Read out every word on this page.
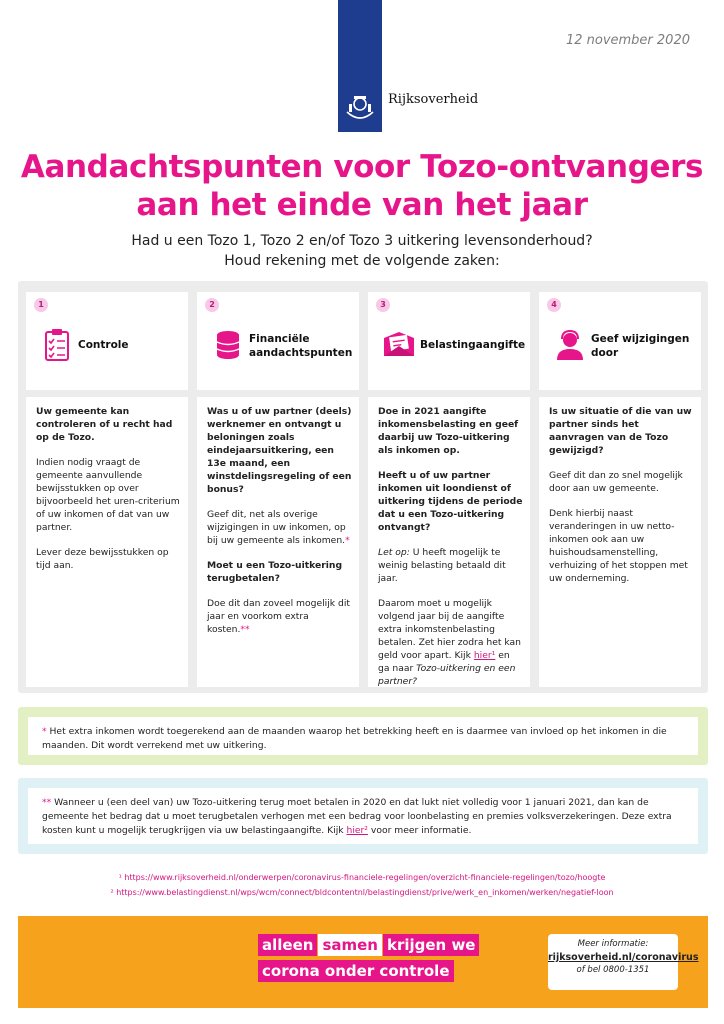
Rijksoverheid
12 november 2020
Aandachtspunten voor Tozo-ontvangers
aan het einde van het jaar
Had u een Tozo 1, Tozo 2 en/of Tozo 3 uitkering levensonderhoud?
Houd rekening met de volgende zaken:
1
Controle

Uw gemeente kan controleren of u recht had op de Tozo.

Indien nodig vraagt de gemeente aanvullende bewijsstukken op over bijvoorbeeld het uren-criterium of uw inkomen of dat van uw partner.

Lever deze bewijsstukken op tijd aan.

2
Financiële aandachtspunten

Was u of uw partner (deels) werknemer en ontvangt u beloningen zoals eindejaarsuitkering, een 13e maand, een winstdelingsregeling of een bonus?

Geef dit, net als overige wijzigingen in uw inkomen, op bij uw gemeente als inkomen.*

Moet u een Tozo-uitkering terugbetalen?

Doe dit dan zoveel mogelijk dit jaar en voorkom extra kosten.**

3
Belastingaangifte

Doe in 2021 aangifte inkomensbelasting en geef daarbij uw Tozo-uitkering als inkomen op.

Heeft u of uw partner inkomen uit loondienst of uitkering tijdens de periode dat u een Tozo-uitkering ontvangt?

Let op: U heeft mogelijk te weinig belasting betaald dit jaar.

Daarom moet u mogelijk volgend jaar bij de aangifte extra inkomstenbelasting betalen. Zet hier zodra het kan geld voor apart. Kijk hier¹ en ga naar Tozo-uitkering en een partner?

4
Geef wijzigingen door

Is uw situatie of die van uw partner sinds het aanvragen van de Tozo gewijzigd?

Geef dit dan zo snel mogelijk door aan uw gemeente.

Denk hierbij naast veranderingen in uw netto-inkomen ook aan uw huishoudsamenstelling, verhuizing of het stoppen met uw onderneming.

* Het extra inkomen wordt toegerekend aan de maanden waarop het betrekking heeft en is daarmee van invloed op het inkomen in die maanden. Dit wordt verrekend met uw uitkering.
** Wanneer u (een deel van) uw Tozo-uitkering terug moet betalen in 2020 en dat lukt niet volledig voor 1 januari 2021, dan kan de gemeente het bedrag dat u moet terugbetalen verhogen met een bedrag voor loonbelasting en premies volksverzekeringen. Deze extra kosten kunt u mogelijk terugkrijgen via uw belastingaangifte. Kijk hier² voor meer informatie.
¹ https://www.rijksoverheid.nl/onderwerpen/coronavirus-financiele-regelingen/overzicht-financiele-regelingen/tozo/hoogte
² https://www.belastingdienst.nl/wps/wcm/connect/bldcontentnl/belastingdienst/prive/werk_en_inkomen/werken/negatief-loon
alleen samen krijgen we
corona onder controle
Meer informatie:
rijksoverheid.nl/coronavirus
of bel 0800-1351
